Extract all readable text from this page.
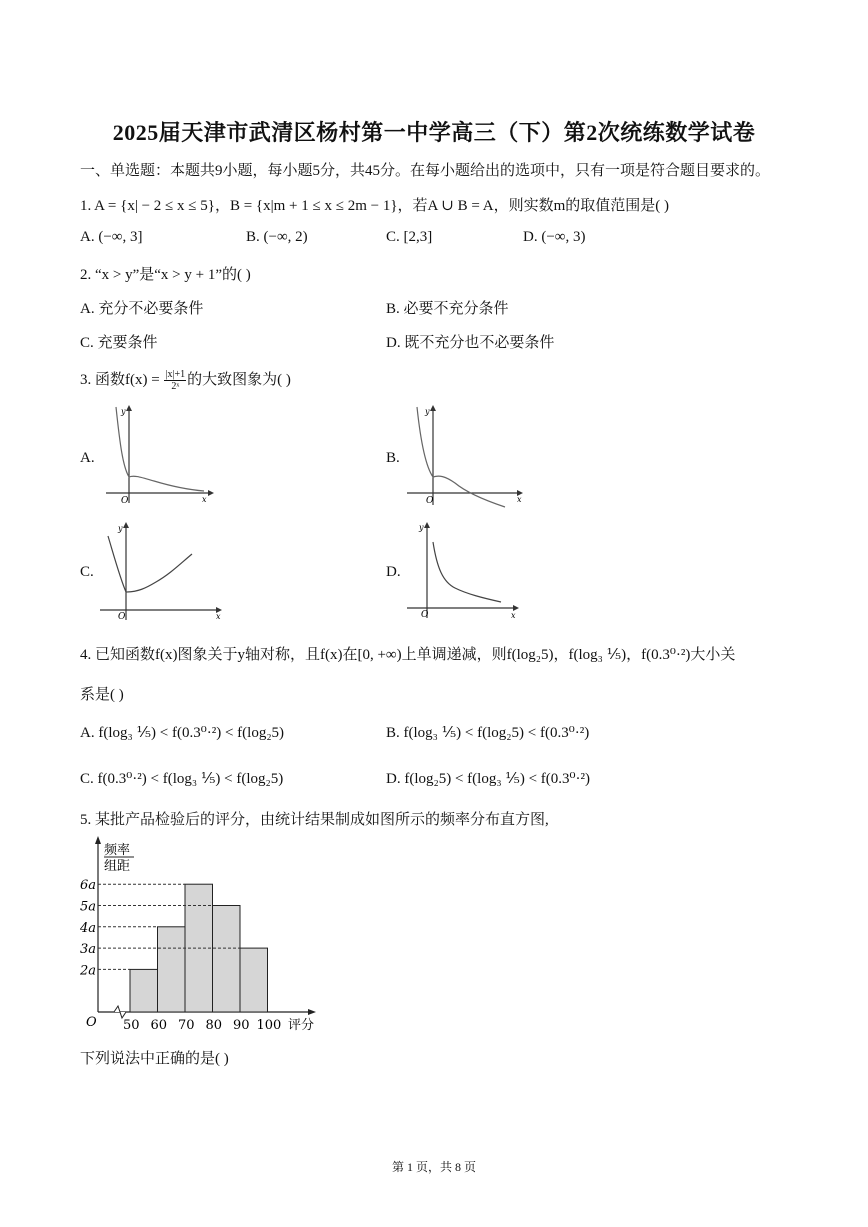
2025届天津市武清区杨村第一中学高三（下）第2次统练数学试卷
一、单选题：本题共9小题，每小题5分，共45分。在每小题给出的选项中，只有一项是符合题目要求的。
1. A = {x| − 2 ≤ x ≤ 5}，B = {x|m + 1 ≤ x ≤ 2m − 1}，若A ∪ B = A，则实数m的取值范围是( )
A. (−∞, 3]	B. (−∞, 2)	C. [2,3]	D. (−∞, 3)
2. “x > y”是“x > y + 1”的( )
A. 充分不必要条件	B. 必要不充分条件
C. 充要条件	D. 既不充分也不必要条件
3. 函数$f(x) = \frac{|x|+1}{\text{2ˣ}}$ 的大致图象为( )
A.	B.
C.	D.
y
x
O
y
x
O
y
x
O
y
x
O
4. 已知函数f(x)图象关于y轴对称，且f(x)在[0, +∞)上单调递减，则f(log₂5)，f(log₃ ⅕)，f(0.3⁰·²)大小关
系是( )
A. f(log₃ ⅕) < f(0.3⁰·²) < f(log₂5)	B. f(log₃ ⅕) < f(log₂5) < f(0.3⁰·²)
C. f(0.3⁰·²) < f(log₃ ⅕) < f(log₂5)	D. f(log₂5) < f(log₃ ⅕) < f(0.3⁰·²)
5. 某批产品检验后的评分，由统计结果制成如图所示的频率分布直方图,
频率
组距
O	评分
2a
3a
4a
5a
6a
50 60 70 80 90 100
下列说法中正确的是( )
第 1 页，共 8 页
